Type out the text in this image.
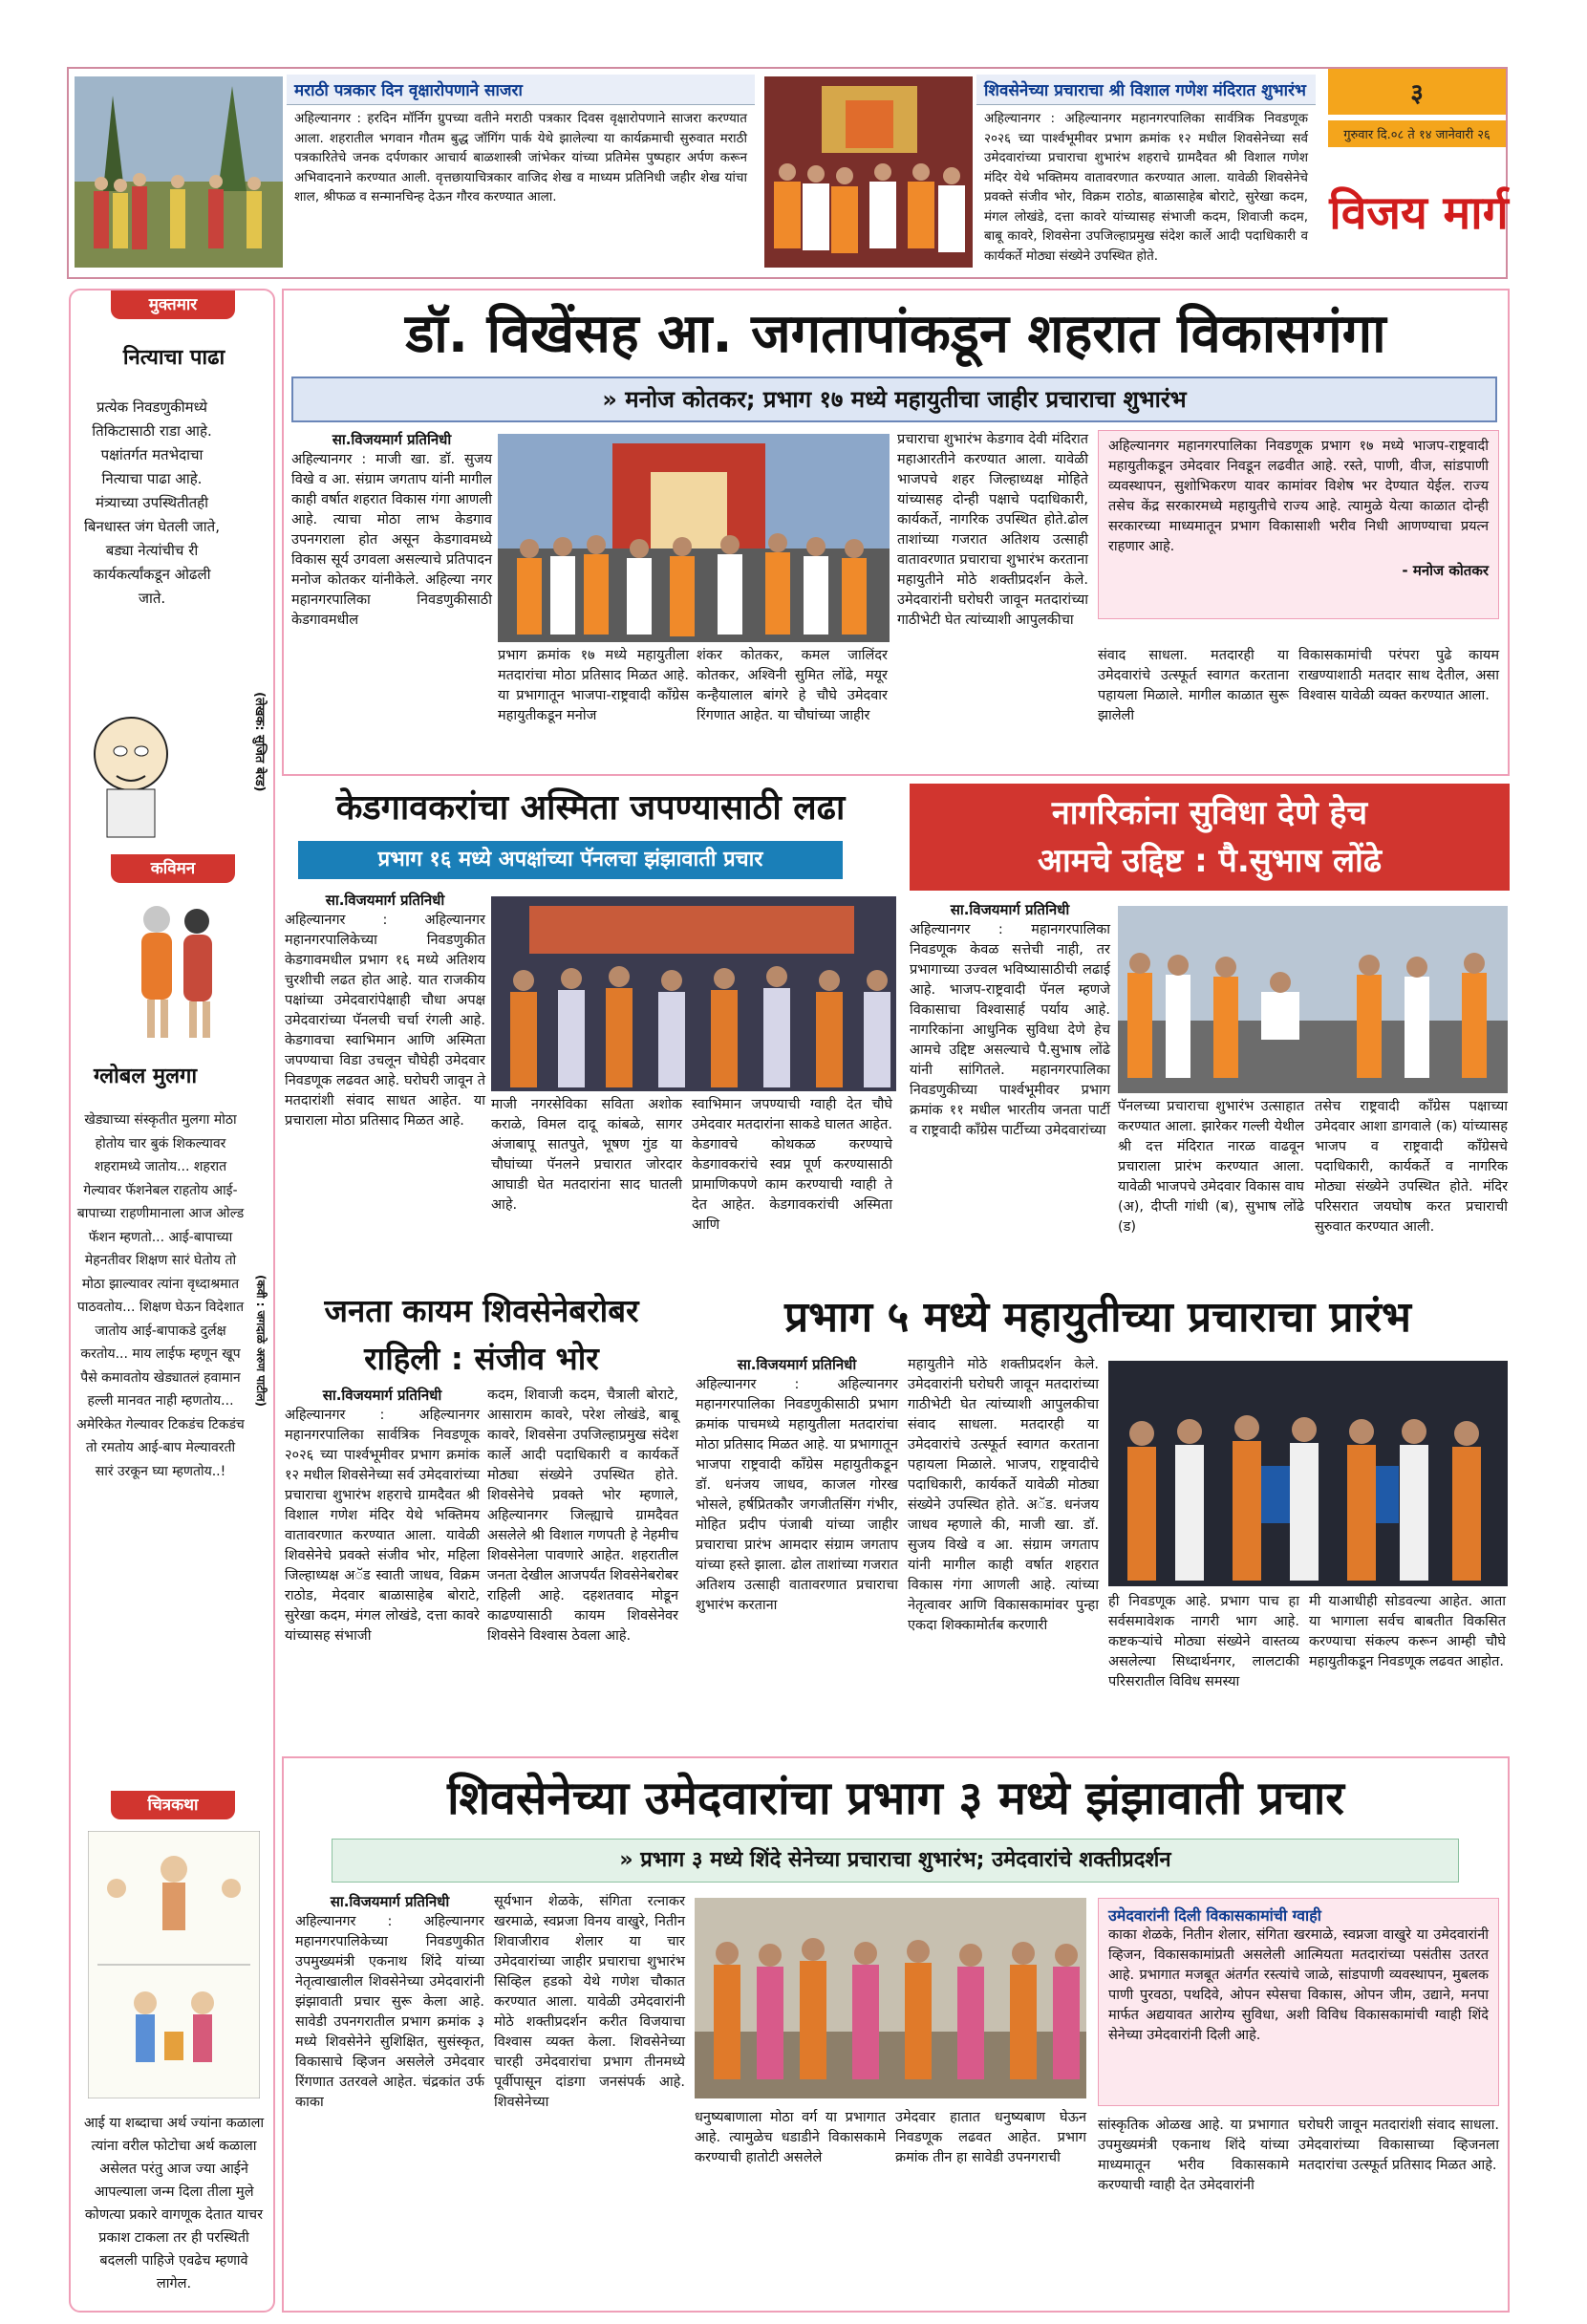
मराठी पत्रकार दिन वृक्षारोपणाने साजरा

अहिल्यानगर : हरदिन मॉर्निग ग्रुपच्या वतीने मराठी पत्रकार दिवस वृक्षारोपणाने साजरा करण्यात आला. शहरातील भगवान गौतम बुद्ध जॉगिंग पार्क येथे झालेल्या या कार्यक्रमाची सुरुवात मराठी पत्रकारितेचे जनक दर्पणकार आचार्य बाळशास्त्री जांभेकर यांच्या प्रतिमेस पुष्पहार अर्पण करून अभिवादनाने करण्यात आली. वृत्तछायाचित्रकार वाजिद शेख व माध्यम प्रतिनिधी जहीर शेख यांचा शाल, श्रीफळ व सन्मानचिन्ह देऊन गौरव करण्यात आला.

शिवसेनेच्या प्रचाराचा श्री विशाल गणेश मंदिरात शुभारंभ

अहिल्यानगर : अहिल्यानगर महानगरपालिका सार्वत्रिक निवडणूक २०२६ च्या पार्श्वभूमीवर प्रभाग क्रमांक १२ मधील शिवसेनेच्या सर्व उमेदवारांच्या प्रचाराचा शुभारंभ शहराचे ग्रामदैवत श्री विशाल गणेश मंदिर येथे भक्तिमय वातावरणात करण्यात आला. यावेळी शिवसेनेचे प्रवक्ते संजीव भोर, विक्रम राठोड, बाळासाहेब बोराटे, सुरेखा कदम, मंगल लोखंडे, दत्ता कावरे यांच्यासह संभाजी कदम, शिवाजी कदम, बाबू कावरे, शिवसेना उपजिल्हाप्रमुख संदेश कार्ले आदी पदाधिकारी व कार्यकर्ते मोठ्या संख्येने उपस्थित होते.

३
गुरुवार दि.०८ ते १४ जानेवारी २६
विजय मार्ग
मुक्तमार
नित्याचा पाढा
प्रत्येक निवडणुकीमध्ये तिकिटासाठी राडा आहे. पक्षांतर्गत मतभेदाचा नित्याचा पाढा आहे. मंत्र्याच्या उपस्थितीतही बिनधास्त जंग घेतली जाते, बड्या नेत्यांचीच री कार्यकर्त्यांकडून ओढली जाते.
(लेखक: सुजित बेरड)
कविमन
ग्लोबल मुलगा
खेड्याच्या संस्कृतीत मुलगा मोठा होतोय चार बुकं शिकल्यावर शहरामध्ये जातोय... शहरात गेल्यावर फॅशनेबल राहतोय आई-बापाच्या राहणीमानाला आज ओल्ड फॅशन म्हणतो... आई-बापाच्या मेहनतीवर शिक्षण सारं घेतोय तो मोठा झाल्यावर त्यांना वृध्दाश्रमात पाठवतोय... शिक्षण घेऊन विदेशात जातोय आई-बापाकडे दुर्लक्ष करतोय... माय लाईफ म्हणून खूप पैसे कमावतोय खेड्यातलं हवामान हल्ली मानवत नाही म्हणतोय... अमेरिकेत गेल्यावर टिकडंच टिकडंच तो रमतोय आई-बाप मेल्यावरती सारं उरकून घ्या म्हणतोय..!
(कवी : जगदाळे अरुण पाटील)
चित्रकथा
आई या शब्दाचा अर्थ ज्यांना कळाला त्यांना वरील फोटोचा अर्थ कळाला असेलत परंतु आज ज्या आईने आपल्याला जन्म दिला तीला मुले कोणत्या प्रकारे वागणूक देतात याचर प्रकाश टाकला तर ही परस्थिती बदलली पाहिजे एवढेच म्हणावे लागेल.
डॉ. विखेंसह आ. जगतापांकडून शहरात विकासगंगा
» मनोज कोतकर; प्रभाग १७ मध्ये महायुतीचा जाहीर प्रचाराचा शुभारंभ
सा.विजयमार्ग प्रतिनिधी
अहिल्यानगर : माजी खा. डॉ. सुजय विखे व आ. संग्राम जगताप यांनी मागील काही वर्षात शहरात विकास गंगा आणली आहे. त्याचा मोठा लाभ केडगाव उपनगराला होत असून केडगावमध्ये विकास सूर्य उगवला असल्याचे प्रतिपादन मनोज कोतकर यांनीकेले. अहिल्या नगर महानगरपालिका निवडणुकीसाठी केडगावमधील
प्रभाग क्रमांक १७ मध्ये महायुतीला मतदारांचा मोठा प्रतिसाद मिळत आहे. या प्रभागातून भाजपा-राष्ट्रवादी कॉंग्रेस महायुतीकडून मनोज
शंकर कोतकर, कमल जालिंदर कोतकर, अश्विनी सुमित लोंढे, मयूर कन्हैयालाल बांगरे हे चौघे उमेदवार रिंगणात आहेत. या चौघांच्या जाहीर
प्रचाराचा शुभारंभ केडगाव देवी मंदिरात महाआरतीने करण्यात आला. यावेळी भाजपचे शहर जिल्हाध्यक्ष मोहिते यांच्यासह दोन्ही पक्षाचे पदाधिकारी, कार्यकर्ते, नागरिक उपस्थित होते.ढोल ताशांच्या गजरात अतिशय उत्साही वातावरणात प्रचाराचा शुभारंभ करताना महायुतीने मोठे शक्तीप्रदर्शन केले. उमेदवारांनी घरोघरी जावून मतदारांच्या गाठीभेटी घेत त्यांच्याशी आपुलकीचा
अहिल्यानगर महानगरपालिका निवडणूक प्रभाग १७ मध्ये भाजप-राष्ट्रवादी महायुतीकडून उमेदवार निवडून लढवीत आहे. रस्ते, पाणी, वीज, सांडपाणी व्यवस्थापन, सुशोभिकरण यावर कामांवर विशेष भर देण्यात येईल. राज्य तसेच केंद्र सरकारमध्ये महायुतीचे राज्य आहे. त्यामुळे येत्या काळात दोन्ही सरकारच्या माध्यमातून प्रभाग विकासाशी भरीव निधी आणण्याचा प्रयत्न राहणार आहे.
- मनोज कोतकर
संवाद साधला. मतदारही या उमेदवारांचे उत्स्फूर्त स्वागत करताना पहायला मिळाले. मागील काळात सुरू झालेली
विकासकामांची परंपरा पुढे कायम राखण्याशाठी मतदार साथ देतील, असा विश्वास यावेळी व्यक्त करण्यात आला.
केडगावकरांचा अस्मिता जपण्यासाठी लढा
प्रभाग १६ मध्ये अपक्षांच्या पॅनलचा झंझावाती प्रचार
सा.विजयमार्ग प्रतिनिधी
अहिल्यानगर : अहिल्यानगर महानगरपालिकेच्या निवडणुकीत केडगावमधील प्रभाग १६ मध्ये अतिशय चुरशीची लढत होत आहे. यात राजकीय पक्षांच्या उमेदवारांपेक्षाही चौधा अपक्ष उमेदवारांच्या पॅनलची चर्चा रंगली आहे. केडगावचा स्वाभिमान आणि अस्मिता जपण्याचा विडा उचलून चौघेही उमेदवार निवडणूक लढवत आहे. घरोघरी जावून ते मतदारांशी संवाद साधत आहेत. या प्रचाराला मोठा प्रतिसाद मिळत आहे.
माजी नगरसेविका सविता अशोक कराळे, विमल दादू कांबळे, सागर अंजाबापू सातपुते, भूषण गुंड या चौघांच्या पॅनलने प्रचारात जोरदार आघाडी घेत मतदारांना साद घातली आहे.
स्वाभिमान जपण्याची ग्वाही देत चौघे उमेदवार मतदारांना साकडे घालत आहेत. केडगावचे कोथकळ करण्याचे केडगावकरांचे स्वप्न पूर्ण करण्यासाठी प्रामाणिकपणे काम करण्याची ग्वाही ते देत आहेत. केडगावकरांची अस्मिता आणि
नागरिकांना सुविधा देणे हेच
आमचे उद्दिष्ट : पै.सुभाष लोंढे
सा.विजयमार्ग प्रतिनिधी
अहिल्यानगर : महानगरपालिका निवडणूक केवळ सत्तेची नाही, तर प्रभागाच्या उज्वल भविष्यासाठीची लढाई आहे. भाजप-राष्ट्रवादी पॅनल म्हणजे विकासाचा विश्वासार्ह पर्याय आहे. नागरिकांना आधुनिक सुविधा देणे हेच आमचे उद्दिष्ट असल्याचे पै.सुभाष लोंढे यांनी सांगितले. महानगरपालिका निवडणुकीच्या पार्श्वभूमीवर प्रभाग क्रमांक ११ मधील भारतीय जनता पार्टी व राष्ट्रवादी कॉंग्रेस पार्टीच्या उमेदवारांच्या
पॅनलच्या प्रचाराचा शुभारंभ उत्साहात करण्यात आला. झारेकर गल्ली येथील श्री दत्त मंदिरात नारळ वाढवून प्रचाराला प्रारंभ करण्यात आला. यावेळी भाजपचे उमेदवार विकास वाघ (अ), दीप्ती गांधी (ब), सुभाष लोंढे (ड)
तसेच राष्ट्रवादी कॉंग्रेस पक्षाच्या उमेदवार आशा डागवाले (क) यांच्यासह भाजप व राष्ट्रवादी कॉंग्रेसचे पदाधिकारी, कार्यकर्ते व नागरिक मोठ्या संख्येने उपस्थित होते. मंदिर परिसरात जयघोष करत प्रचाराची सुरुवात करण्यात आली.
जनता कायम शिवसेनेबरोबर
राहिली : संजीव भोर
सा.विजयमार्ग प्रतिनिधी
अहिल्यानगर : अहिल्यानगर महानगरपालिका सार्वत्रिक निवडणूक २०२६ च्या पार्श्वभूमीवर प्रभाग क्रमांक १२ मधील शिवसेनेच्या सर्व उमेदवारांच्या प्रचाराचा शुभारंभ शहराचे ग्रामदैवत श्री विशाल गणेश मंदिर येथे भक्तिमय वातावरणात करण्यात आला. यावेळी शिवसेनेचे प्रवक्ते संजीव भोर, महिला जिल्हाध्यक्ष अॅड स्वाती जाधव, विक्रम राठोड, मेदवार बाळासाहेब बोराटे, सुरेखा कदम, मंगल लोखंडे, दत्ता कावरे यांच्यासह संभाजी
कदम, शिवाजी कदम, चैत्राली बोराटे, आसाराम कावरे, परेश लोखंडे, बाबू कावरे, शिवसेना उपजिल्हाप्रमुख संदेश कार्ले आदी पदाधिकारी व कार्यकर्ते मोठ्या संख्येने उपस्थित होते. शिवसेनेचे प्रवक्ते भोर म्हणाले, अहिल्यानगर जिल्ह्याचे ग्रामदैवत असलेले श्री विशाल गणपती हे नेहमीच शिवसेनेला पावणारे आहेत. शहरातील जनता देखील आजपर्यंत शिवसेनेबरोबर राहिली आहे. दहशतवाद मोडून काढण्यासाठी कायम शिवसेनेवर शिवसेने विश्वास ठेवला आहे.
प्रभाग ५ मध्ये महायुतीच्या प्रचाराचा प्रारंभ
सा.विजयमार्ग प्रतिनिधी
अहिल्यानगर : अहिल्यानगर महानगरपालिका निवडणुकीसाठी प्रभाग क्रमांक पाचमध्ये महायुतीला मतदारांचा मोठा प्रतिसाद मिळत आहे. या प्रभागातून भाजपा राष्ट्रवादी कॉंग्रेस महायुतीकडून डॉ. धनंजय जाधव, काजल गोरख भोसले, हर्षप्रितकौर जगजीतसिंग गंभीर, मोहित प्रदीप पंजाबी यांच्या जाहीर प्रचाराचा प्रारंभ आमदार संग्राम जगताप यांच्या हस्ते झाला. ढोल ताशांच्या गजरात अतिशय उत्साही वातावरणात प्रचाराचा शुभारंभ करताना
महायुतीने मोठे शक्तीप्रदर्शन केले. उमेदवारांनी घरोघरी जावून मतदारांच्या गाठीभेटी घेत त्यांच्याशी आपुलकीचा संवाद साधला. मतदारही या उमेदवारांचे उत्स्फूर्त स्वागत करताना पहायला मिळाले. भाजप, राष्ट्रवादीचे पदाधिकारी, कार्यकर्ते यावेळी मोठ्या संख्येने उपस्थित होते. अॅड. धनंजय जाधव म्हणाले की, माजी खा. डॉ. सुजय विखे व आ. संग्राम जगताप यांनी मागील काही वर्षात शहरात विकास गंगा आणली आहे. त्यांच्या नेतृत्वावर आणि विकासकामांवर पुन्हा एकदा शिक्कामोर्तब करणारी
ही निवडणूक आहे. प्रभाग पाच हा सर्वसमावेशक नागरी भाग आहे. कष्टकऱ्यांचे मोठ्या संख्येने वास्तव्य असलेल्या सिध्दार्थनगर, लालटाकी परिसरातील विविध समस्या
मी याआधीही सोडवल्या आहेत. आता या भागाला सर्वच बाबतीत विकसित करण्याचा संकल्प करून आम्ही चौघे महायुतीकडून निवडणूक लढवत आहोत.
शिवसेनेच्या उमेदवारांचा प्रभाग ३ मध्ये झंझावाती प्रचार
» प्रभाग ३ मध्ये शिंदे सेनेच्या प्रचाराचा शुभारंभ; उमेदवारांचे शक्तीप्रदर्शन
सा.विजयमार्ग प्रतिनिधी
अहिल्यानगर : अहिल्यानगर महानगरपालिकेच्या निवडणुकीत उपमुख्यमंत्री एकनाथ शिंदे यांच्या नेतृत्वाखालील शिवसेनेच्या उमेदवारांनी झंझावाती प्रचार सुरू केला आहे. सावेडी उपनगरातील प्रभाग क्रमांक ३ मध्ये शिवसेनेने सुशिक्षित, सुसंस्कृत, विकासाचे व्हिजन असलेले उमेदवार रिंगणात उतरवले आहेत. चंद्रकांत उर्फ काका
सूर्यभान शेळके, संगिता रत्नाकर खरमाळे, स्वप्नजा विनय वाखुरे, नितीन शिवाजीराव शेलार या चार उमेदवारांच्या जाहीर प्रचाराचा शुभारंभ सिव्हिल हडको येथे गणेश चौकात करण्यात आला. यावेळी उमेदवारांनी मोठे शक्तीप्रदर्शन करीत विजयाचा विश्वास व्यक्त केला. शिवसेनेच्या चारही उमेदवारांचा प्रभाग तीनमध्ये पूर्वीपासून दांडगा जनसंपर्क आहे. शिवसेनेच्या
धनुष्यबाणाला मोठा वर्ग या प्रभागात आहे. त्यामुळेच धडाडीने विकासकामे करण्याची हातोटी असलेले
उमेदवार हातात धनुष्यबाण घेऊन निवडणूक लढवत आहेत. प्रभाग क्रमांक तीन हा सावेडी उपनगराची
उमेदवारांनी दिली विकासकामांची ग्वाही
काका शेळके, नितीन शेलार, संगिता खरमाळे, स्वप्नजा वाखुरे या उमेदवारांनी व्हिजन, विकासकामांप्रती असलेली आत्मियता मतदारांच्या पसंतीस उतरत आहे. प्रभागात मजबूत अंतर्गत रस्त्यांचे जाळे, सांडपाणी व्यवस्थापन, मुबलक पाणी पुरवठा, पथदिवे, ओपन स्पेसचा विकास, ओपन जीम, उद्याने, मनपा मार्फत अद्ययावत आरोग्य सुविधा, अशी विविध विकासकामांची ग्वाही शिंदे सेनेच्या उमेदवारांनी दिली आहे.
सांस्कृतिक ओळख आहे. या प्रभागात उपमुख्यमंत्री एकनाथ शिंदे यांच्या माध्यमातून भरीव विकासकामे करण्याची ग्वाही देत उमेदवारांनी
घरोघरी जावून मतदारांशी संवाद साधला. उमेदवारांच्या विकासाच्या व्हिजनला मतदारांचा उत्स्फूर्त प्रतिसाद मिळत आहे.
